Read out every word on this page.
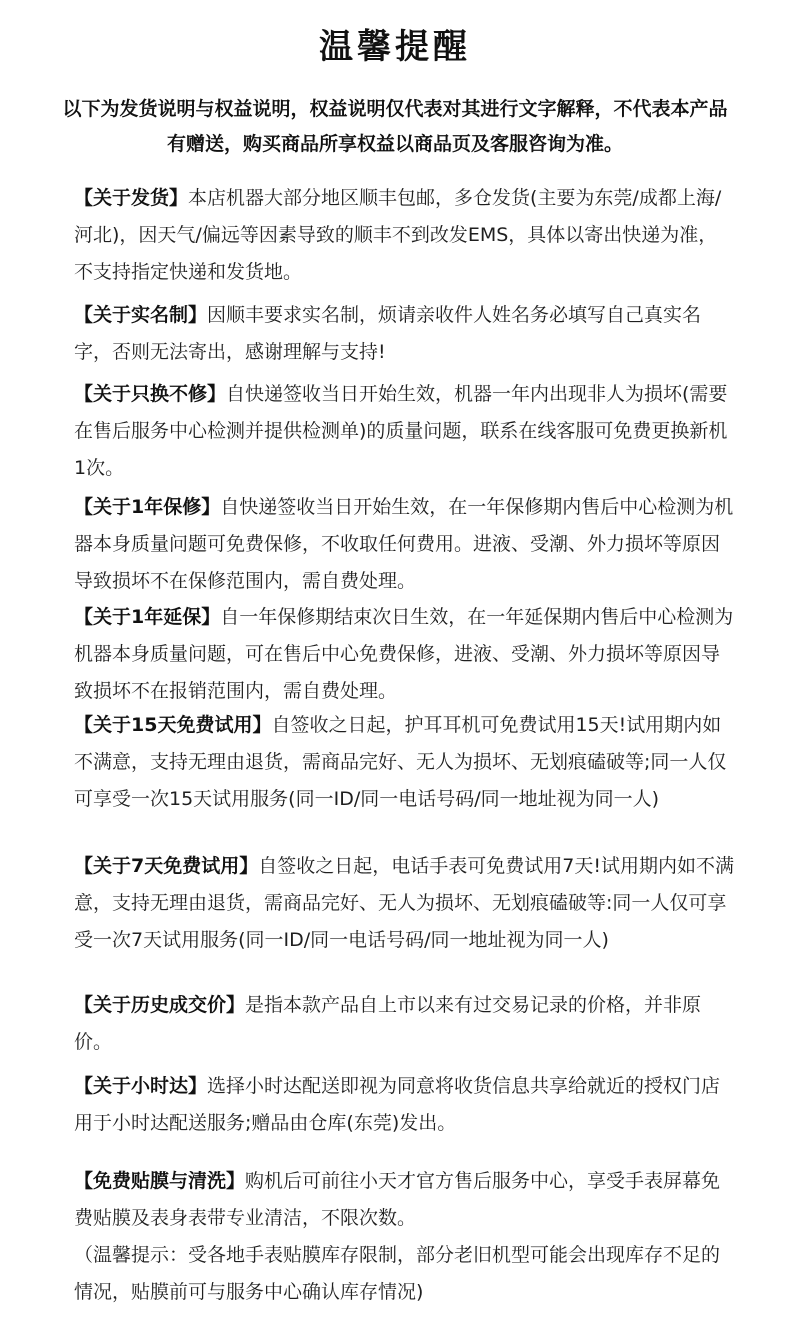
温馨提醒
以下为发货说明与权益说明，权益说明仅代表对其进行文字解释，不代表本产品有赠送，购买商品所享权益以商品页及客服咨询为准。
【关于发货】本店机器大部分地区顺丰包邮，多仓发货(主要为东莞/成都上海/河北)，因天气/偏远等因素导致的顺丰不到改发EMS，具体以寄出快递为准，不支持指定快递和发货地。
【关于实名制】因顺丰要求实名制，烦请亲收件人姓名务必填写自己真实名字，否则无法寄出，感谢理解与支持!
【关于只换不修】自快递签收当日开始生效，机器一年内出现非人为损坏(需要在售后服务中心检测并提供检测单)的质量问题，联系在线客服可免费更换新机1次。
【关于1年保修】自快递签收当日开始生效，在一年保修期内售后中心检测为机器本身质量问题可免费保修，不收取任何费用。进液、受潮、外力损坏等原因导致损坏不在保修范围内，需自费处理。
【关于1年延保】自一年保修期结束次日生效，在一年延保期内售后中心检测为机器本身质量问题，可在售后中心免费保修，进液、受潮、外力损坏等原因导致损坏不在报销范围内，需自费处理。
【关于15天免费试用】自签收之日起，护耳耳机可免费试用15天!试用期内如不满意，支持无理由退货，需商品完好、无人为损坏、无划痕磕破等;同一人仅可享受一次15天试用服务(同一ID/同一电话号码/同一地址视为同一人)
【关于7天免费试用】自签收之日起，电话手表可免费试用7天!试用期内如不满意，支持无理由退货，需商品完好、无人为损坏、无划痕磕破等:同一人仅可享受一次7天试用服务(同一ID/同一电话号码/同一地址视为同一人)
【关于历史成交价】是指本款产品自上市以来有过交易记录的价格，并非原价。
【关于小时达】选择小时达配送即视为同意将收货信息共享给就近的授权门店用于小时达配送服务;赠品由仓库(东莞)发出。
【免费贴膜与清洗】购机后可前往小天才官方售后服务中心，享受手表屏幕免费贴膜及表身表带专业清洁，不限次数。
（温馨提示：受各地手表贴膜库存限制，部分老旧机型可能会出现库存不足的情况，贴膜前可与服务中心确认库存情况)
